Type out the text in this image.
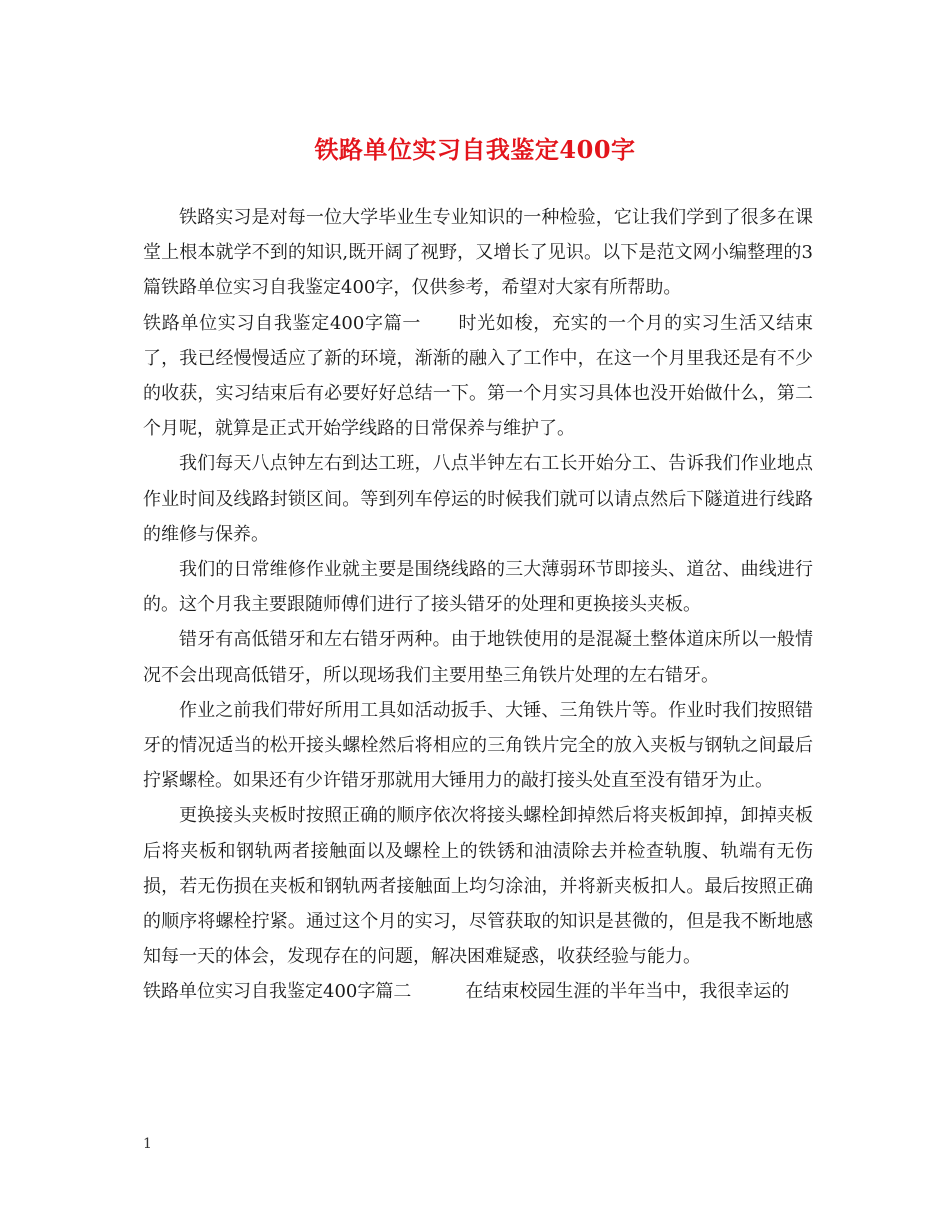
铁路单位实习自我鉴定400字

铁路实习是对每一位大学毕业生专业知识的一种检验，它让我们学到了很多在课堂上根本就学不到的知识,既开阔了视野，又增长了见识。以下是范文网小编整理的3篇铁路单位实习自我鉴定400字，仅供参考，希望对大家有所帮助。

铁路单位实习自我鉴定400字篇一　　时光如梭，充实的一个月的实习生活又结束了，我已经慢慢适应了新的环境，渐渐的融入了工作中，在这一个月里我还是有不少的收获，实习结束后有必要好好总结一下。第一个月实习具体也没开始做什么，第二个月呢，就算是正式开始学线路的日常保养与维护了。

我们每天八点钟左右到达工班，八点半钟左右工长开始分工、告诉我们作业地点作业时间及线路封锁区间。等到列车停运的时候我们就可以请点然后下隧道进行线路的维修与保养。

我们的日常维修作业就主要是围绕线路的三大薄弱环节即接头、道岔、曲线进行的。这个月我主要跟随师傅们进行了接头错牙的处理和更换接头夹板。

错牙有高低错牙和左右错牙两种。由于地铁使用的是混凝土整体道床所以一般情况不会出现高低错牙，所以现场我们主要用垫三角铁片处理的左右错牙。

作业之前我们带好所用工具如活动扳手、大锤、三角铁片等。作业时我们按照错牙的情况适当的松开接头螺栓然后将相应的三角铁片完全的放入夹板与钢轨之间最后拧紧螺栓。如果还有少许错牙那就用大锤用力的敲打接头处直至没有错牙为止。

更换接头夹板时按照正确的顺序依次将接头螺栓卸掉然后将夹板卸掉，卸掉夹板后将夹板和钢轨两者接触面以及螺栓上的铁锈和油渍除去并检查轨腹、轨端有无伤损，若无伤损在夹板和钢轨两者接触面上均匀涂油，并将新夹板扣人。最后按照正确的顺序将螺栓拧紧。通过这个月的实习，尽管获取的知识是甚微的，但是我不断地感知每一天的体会，发现存在的问题，解决困难疑惑，收获经验与能力。

铁路单位实习自我鉴定400字篇二　　　在结束校园生涯的半年当中，我很幸运的

1
